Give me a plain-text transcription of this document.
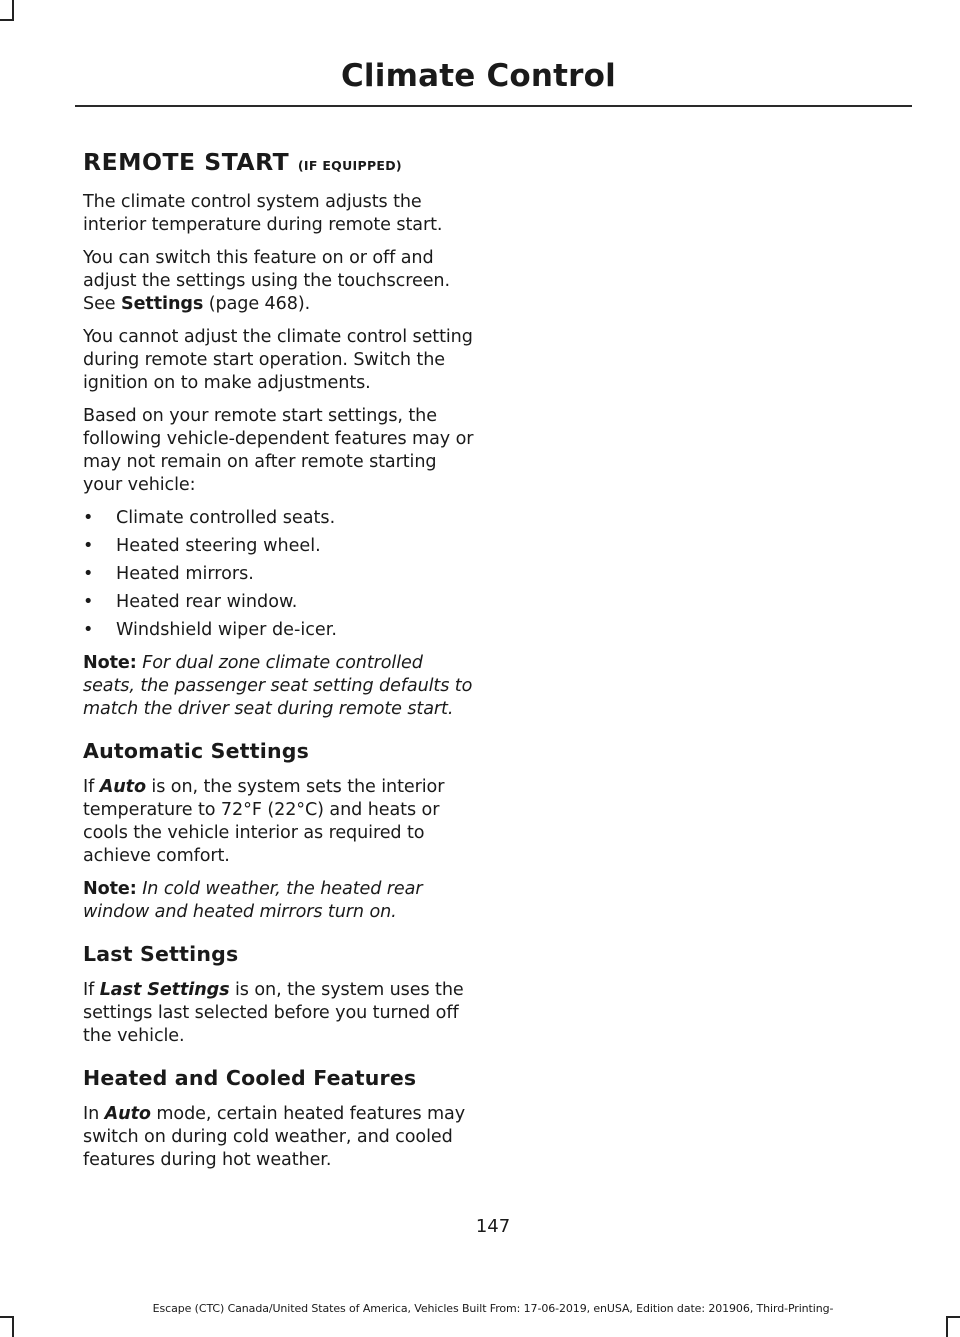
Climate Control
REMOTE START (IF EQUIPPED)

The climate control system adjusts the interior temperature during remote start.

You can switch this feature on or off and adjust the settings using the touchscreen. See Settings (page 468).

You cannot adjust the climate control setting during remote start operation. Switch the ignition on to make adjustments.

Based on your remote start settings, the following vehicle-dependent features may or may not remain on after remote starting your vehicle:

• Climate controlled seats.
• Heated steering wheel.
• Heated mirrors.
• Heated rear window.
• Windshield wiper de-icer.

Note: For dual zone climate controlled seats, the passenger seat setting defaults to match the driver seat during remote start.

Automatic Settings

If Auto is on, the system sets the interior temperature to 72°F (22°C) and heats or cools the vehicle interior as required to achieve comfort.

Note: In cold weather, the heated rear window and heated mirrors turn on.

Last Settings

If Last Settings is on, the system uses the settings last selected before you turned off the vehicle.

Heated and Cooled Features

In Auto mode, certain heated features may switch on during cold weather, and cooled features during hot weather.

147
Escape (CTC) Canada/United States of America, Vehicles Built From: 17-06-2019, enUSA, Edition date: 201906, Third-Printing-
